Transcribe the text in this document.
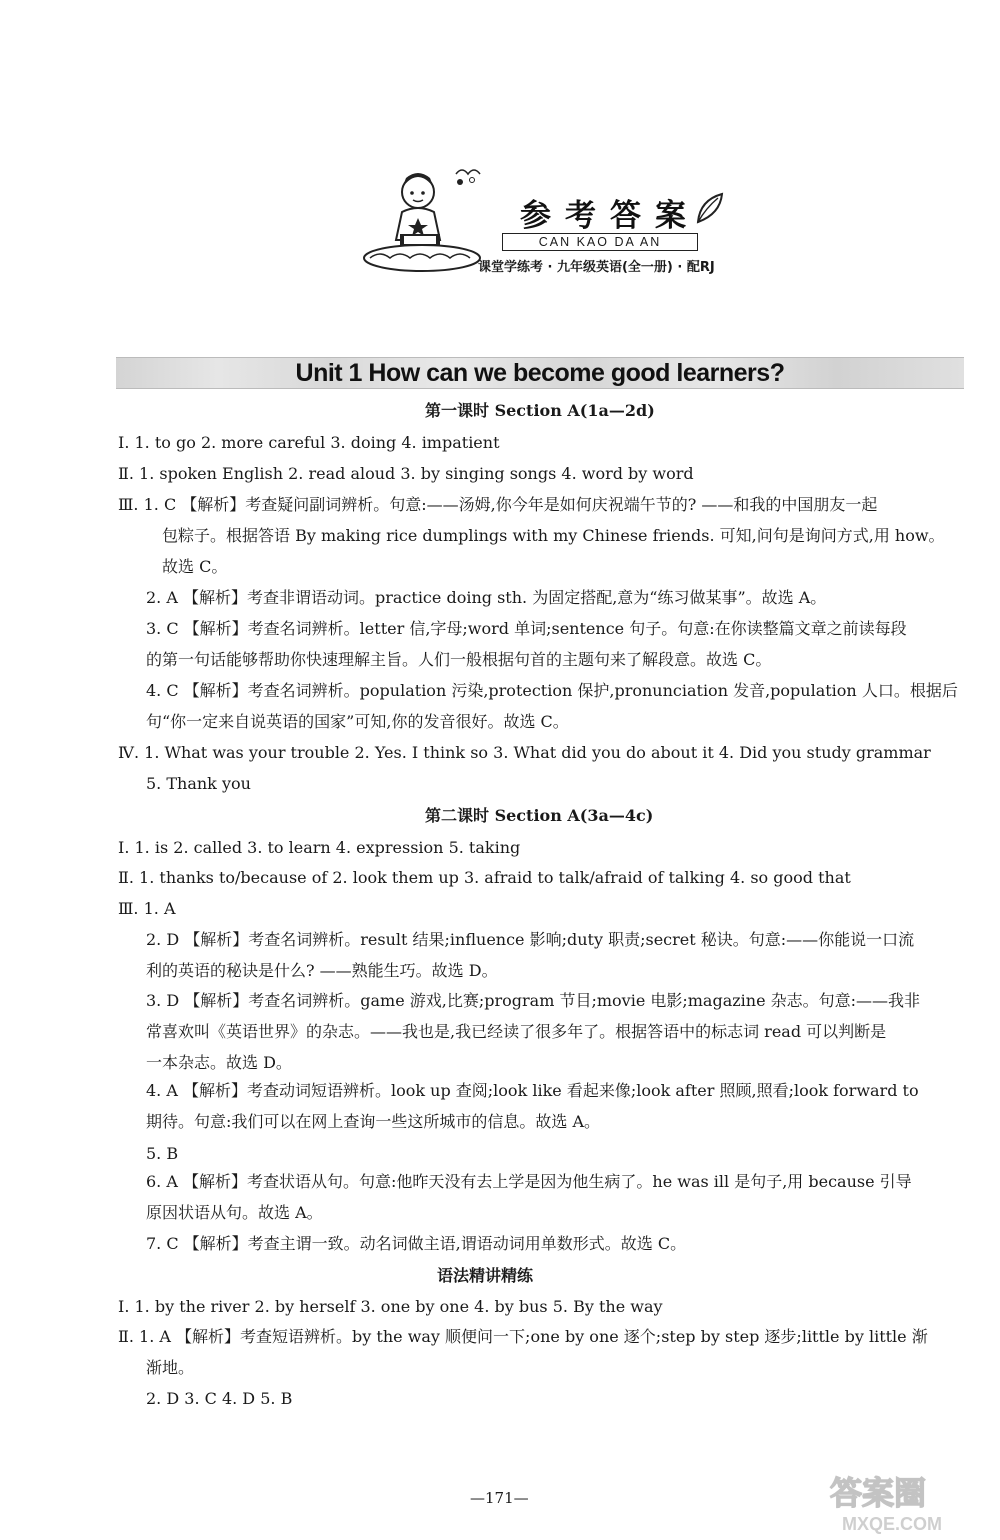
参考答案
CAN KAO DA AN
课堂学练考 · 九年级英语(全一册) · 配RJ
Unit 1 How can we become good learners?
第一课时 Section A(1a—2d)
Ⅰ. 1. to go 2. more careful 3. doing 4. impatient
Ⅱ. 1. spoken English 2. read aloud 3. by singing songs 4. word by word
Ⅲ. 1. C 【解析】考查疑问副词辨析。句意:——汤姆,你今年是如何庆祝端午节的? ——和我的中国朋友一起
包粽子。根据答语 By making rice dumplings with my Chinese friends. 可知,问句是询问方式,用 how。
故选 C。
2. A 【解析】考查非谓语动词。practice doing sth. 为固定搭配,意为“练习做某事”。故选 A。
3. C 【解析】考查名词辨析。letter 信,字母;word 单词;sentence 句子。句意:在你读整篇文章之前读每段
的第一句话能够帮助你快速理解主旨。人们一般根据句首的主题句来了解段意。故选 C。
4. C 【解析】考查名词辨析。population 污染,protection 保护,pronunciation 发音,population 人口。根据后
句“你一定来自说英语的国家”可知,你的发音很好。故选 C。
Ⅳ. 1. What was your trouble 2. Yes. I think so 3. What did you do about it 4. Did you study grammar
5. Thank you
第二课时 Section A(3a—4c)
Ⅰ. 1. is 2. called 3. to learn 4. expression 5. taking
Ⅱ. 1. thanks to/because of 2. look them up 3. afraid to talk/afraid of talking 4. so good that
Ⅲ. 1. A
2. D 【解析】考查名词辨析。result 结果;influence 影响;duty 职责;secret 秘诀。句意:——你能说一口流
利的英语的秘诀是什么? ——熟能生巧。故选 D。
3. D 【解析】考查名词辨析。game 游戏,比赛;program 节目;movie 电影;magazine 杂志。句意:——我非
常喜欢叫《英语世界》的杂志。——我也是,我已经读了很多年了。根据答语中的标志词 read 可以判断是
一本杂志。故选 D。
4. A 【解析】考查动词短语辨析。look up 查阅;look like 看起来像;look after 照顾,照看;look forward to
期待。句意:我们可以在网上查询一些这所城市的信息。故选 A。
5. B
6. A 【解析】考查状语从句。句意:他昨天没有去上学是因为他生病了。he was ill 是句子,用 because 引导
原因状语从句。故选 A。
7. C 【解析】考查主谓一致。动名词做主语,谓语动词用单数形式。故选 C。
语法精讲精练
Ⅰ. 1. by the river 2. by herself 3. one by one 4. by bus 5. By the way
Ⅱ. 1. A 【解析】考查短语辨析。by the way 顺便问一下;one by one 逐个;step by step 逐步;little by little 渐
渐地。
2. D 3. C 4. D 5. B
—171—	答案圈
MXQE.COM
